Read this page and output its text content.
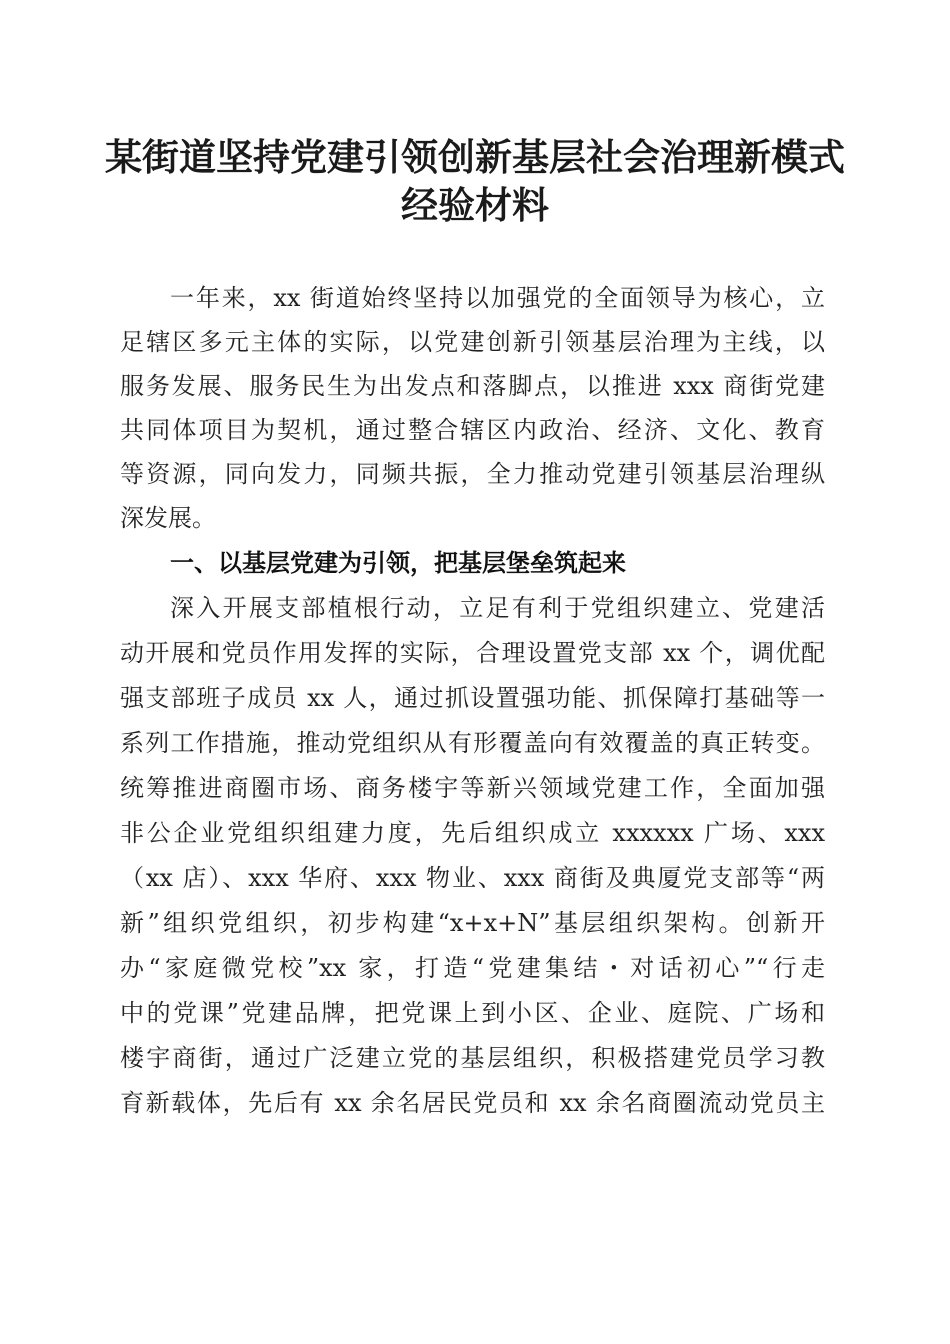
某街道坚持党建引领创新基层社会治理新模式
经验材料
一年来，xx 街道始终坚持以加强党的全面领导为核心，立
足辖区多元主体的实际，以党建创新引领基层治理为主线，以
服务发展、服务民生为出发点和落脚点，以推进 xxx 商街党建
共同体项目为契机，通过整合辖区内政治、经济、文化、教育
等资源，同向发力，同频共振，全力推动党建引领基层治理纵
深发展。
一、以基层党建为引领，把基层堡垒筑起来
深入开展支部植根行动，立足有利于党组织建立、党建活
动开展和党员作用发挥的实际，合理设置党支部 xx 个，调优配
强支部班子成员 xx 人，通过抓设置强功能、抓保障打基础等一
系列工作措施，推动党组织从有形覆盖向有效覆盖的真正转变。
统筹推进商圈市场、商务楼宇等新兴领域党建工作，全面加强
非公企业党组织组建力度，先后组织成立 xxxxxx 广场、xxx
（xx 店）、xxx 华府、xxx 物业、xxx 商街及典厦党支部等“两
新”组织党组织，初步构建“x+x+N”基层组织架构。创新开
办“家庭微党校”xx 家，打造“党建集结・对话初心”“行走
中的党课”党建品牌，把党课上到小区、企业、庭院、广场和
楼宇商街，通过广泛建立党的基层组织，积极搭建党员学习教
育新载体，先后有 xx 余名居民党员和 xx 余名商圈流动党员主
